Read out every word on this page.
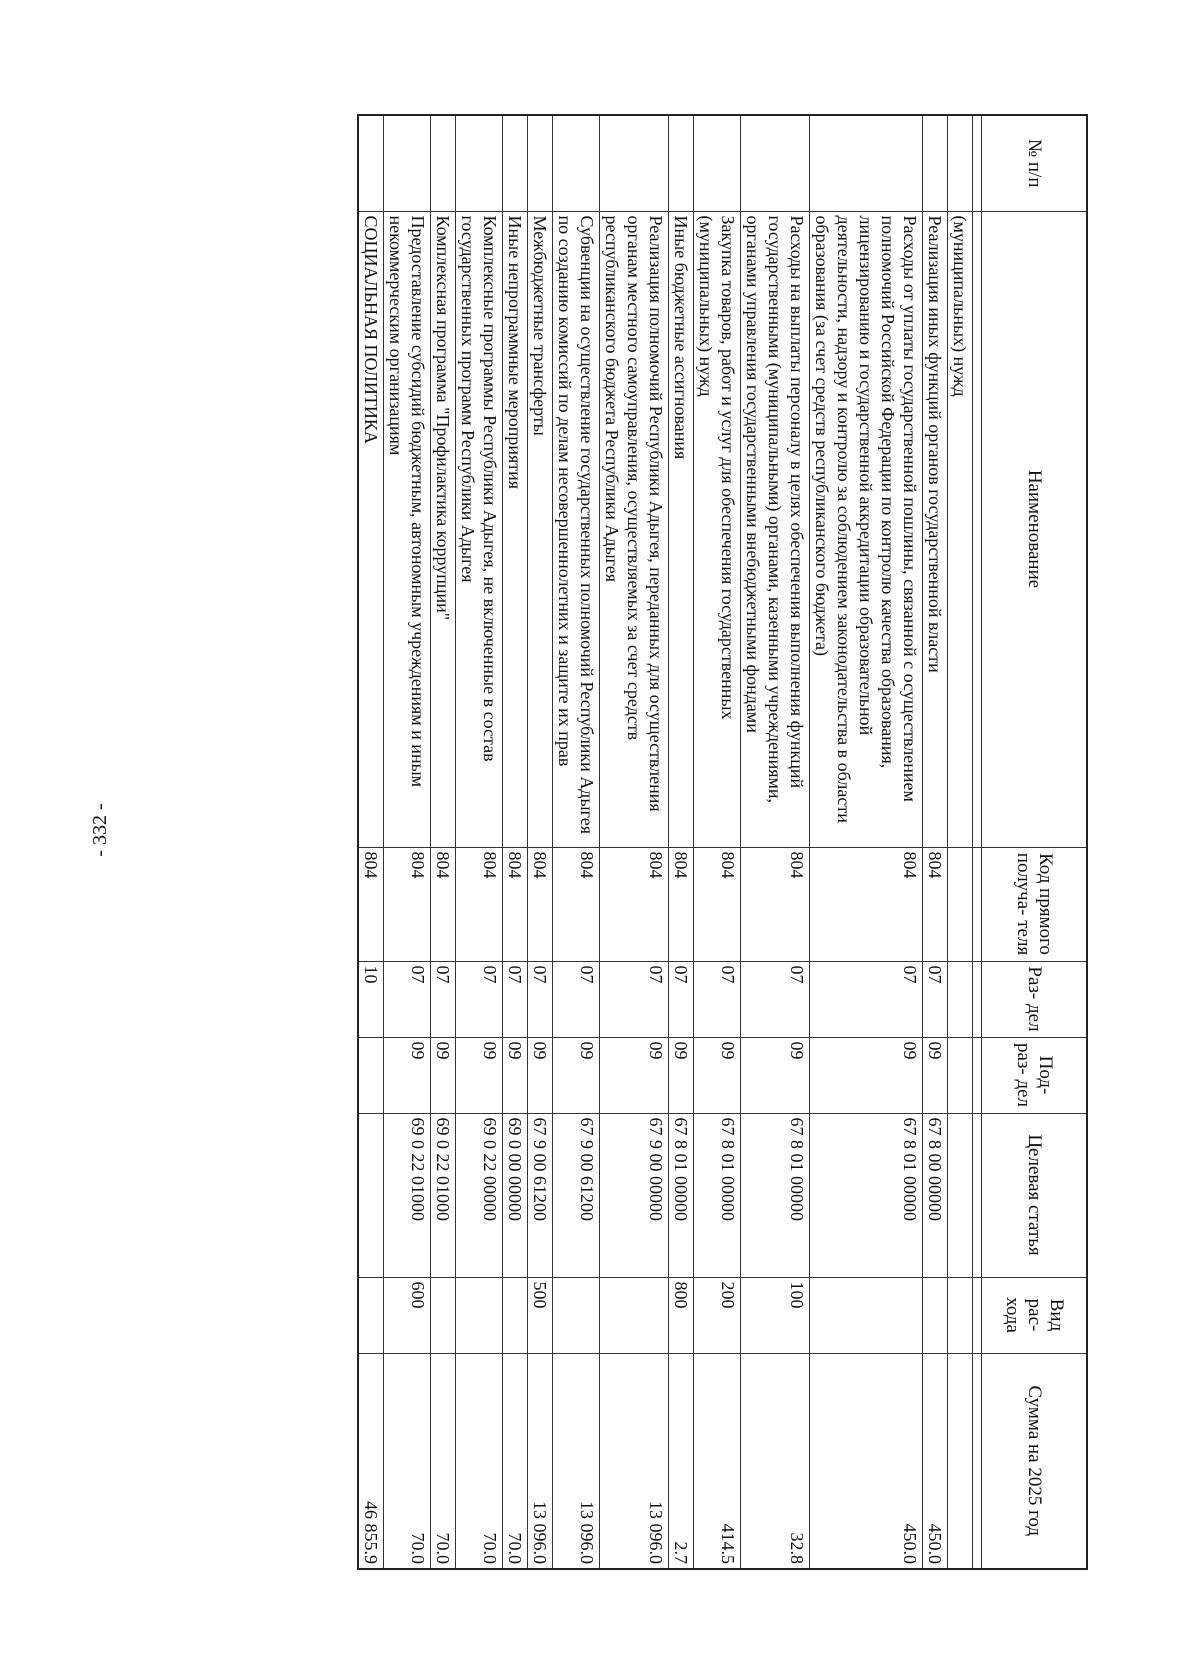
- 332 -
№ п/п	Наименование	Код прямого получа- теля	Раз- дел	Под- раз- дел	Целевая статья	Вид рас- хода	Сумма на 2025 год

	(муниципальных) нужд						
	Реализация иных функций органов государственной власти	804	07	09	67 8 00 00000		450.0
	Расходы от уплаты государственной пошлины, связанной с осуществлением полномочий Российской Федерации по контролю качества образования, лицензированию и государственной аккредитации образовательной деятельности, надзору и контролю за соблюдением законодательства в области образования (за счет средств республиканского бюджета)	804	07	09	67 8 01 00000		450.0
	Расходы на выплаты персоналу в целях обеспечения выполнения функций государственными (муниципальными) органами, казенными учреждениями, органами управления государственными внебюджетными фондами	804	07	09	67 8 01 00000	100	32.8
	Закупка товаров, работ и услуг для обеспечения государственных (муниципальных) нужд	804	07	09	67 8 01 00000	200	414.5
	Иные бюджетные ассигнования	804	07	09	67 8 01 00000	800	2.7
	Реализация полномочий Республики Адыгея, переданных для осуществления органам местного самоуправления, осуществляемых за счет средств республиканского бюджета Республики Адыгея	804	07	09	67 9 00 00000		13 096.0
	Субвенции на осуществление государственных полномочий Республики Адыгея по созданию комиссий по делам несовершеннолетних и защите их прав	804	07	09	67 9 00 61200		13 096.0
	Межбюджетные трансферты	804	07	09	67 9 00 61200	500	13 096.0
	Иные непрограммные мероприятия	804	07	09	69 0 00 00000		70.0
	Комплексные программы Республики Адыгея, не включенные в состав государственных программ Республики Адыгея	804	07	09	69 0 22 00000		70.0
	Комплексная программа "Профилактика коррупции"	804	07	09	69 0 22 01000		70.0
	Предоставление субсидий бюджетным, автономным учреждениям и иным некоммерческим организациям	804	07	09	69 0 22 01000	600	70.0
	СОЦИАЛЬНАЯ ПОЛИТИКА	804	10				46 855.9
